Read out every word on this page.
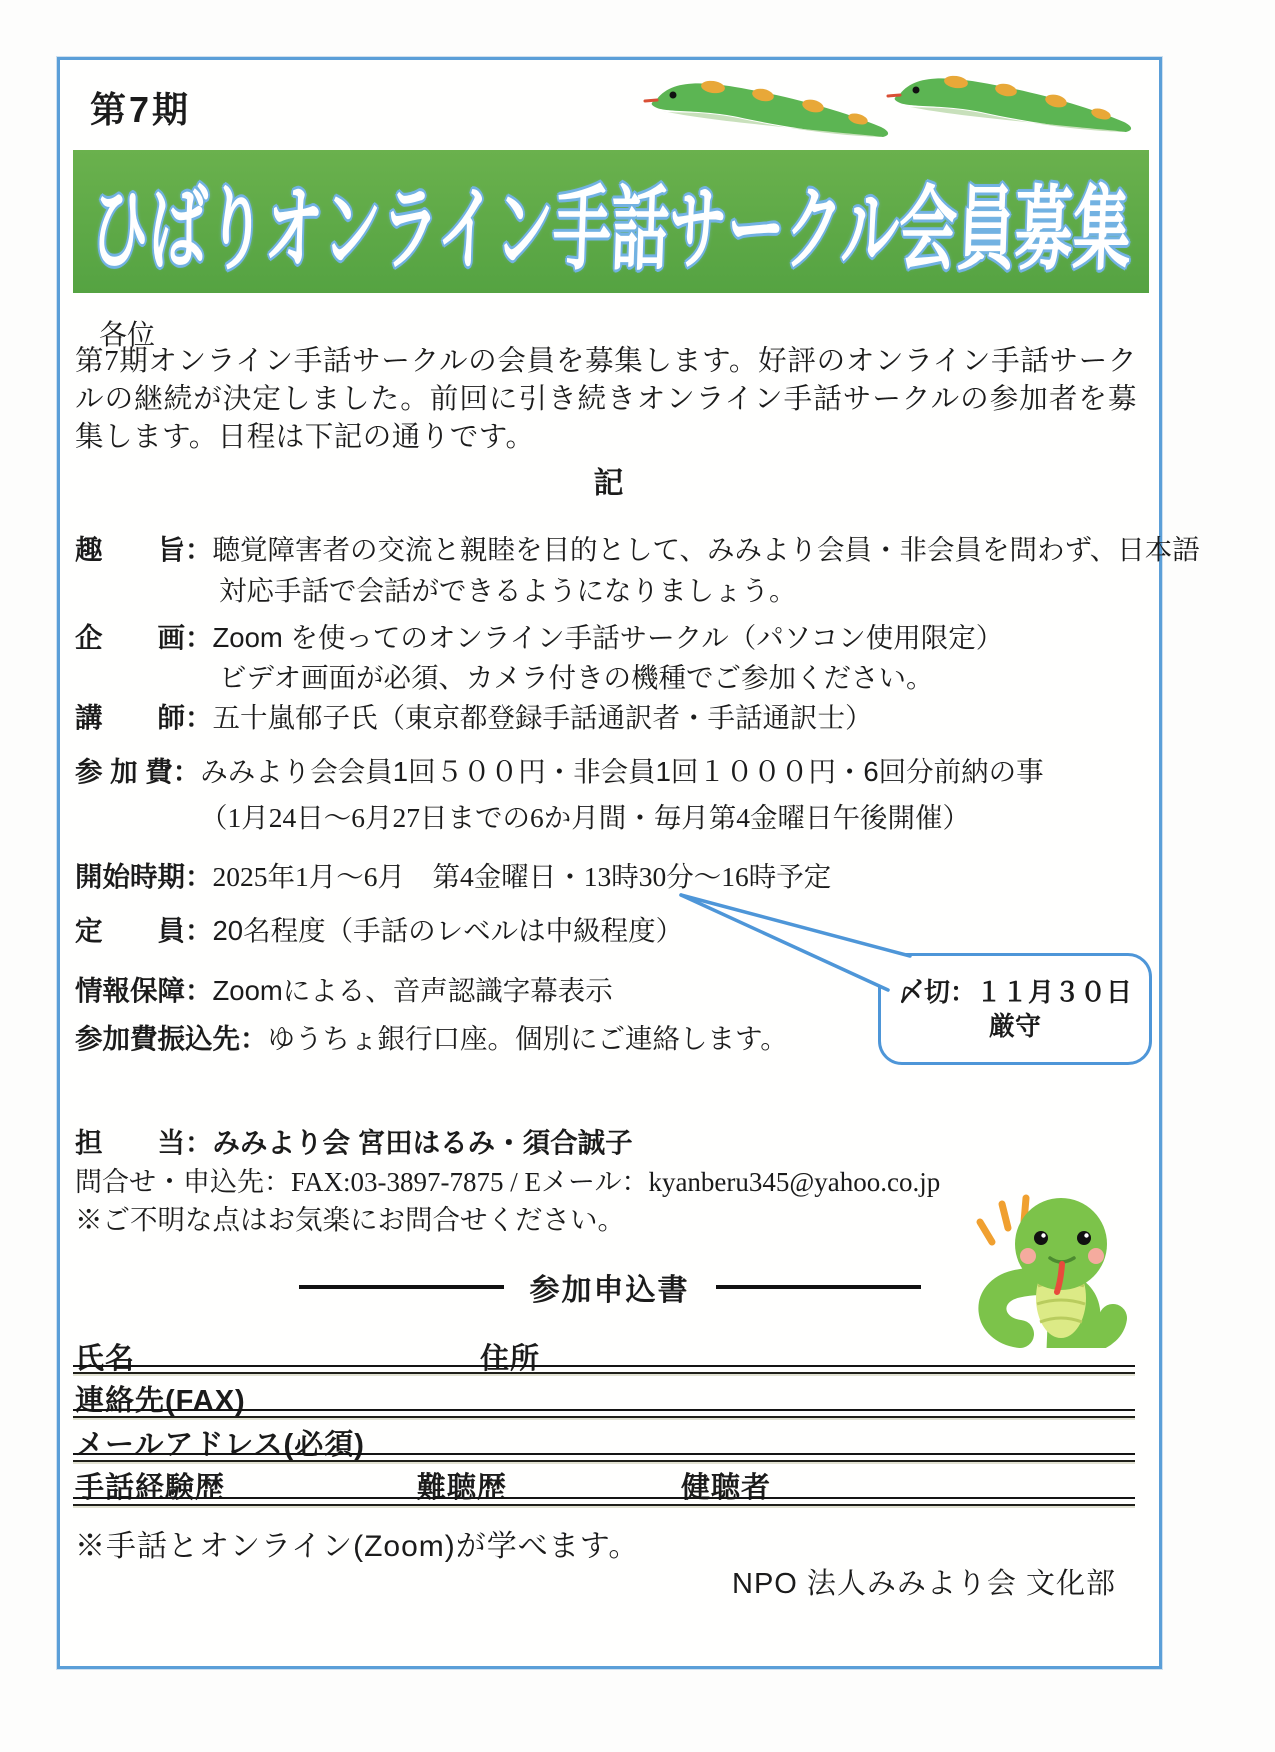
第7期
ひばりオンライン手話サークル会員募集
各位
第7期オンライン手話サークルの会員を募集します。好評のオンライン手話サークルの継続が決定しました。前回に引き続きオンライン手話サークルの参加者を募集します。日程は下記の通りです。
記
趣　　旨：聴覚障害者の交流と親睦を目的として、みみより会員・非会員を問わず、日本語
対応手話で会話ができるようになりましょう。
企　　画：Zoom を使ってのオンライン手話サークル（パソコン使用限定）
ビデオ画面が必須、カメラ付きの機種でご参加ください。
講　　師：五十嵐郁子氏（東京都登録手話通訳者・手話通訳士）
参 加 費：みみより会会員1回５００円・非会員1回１０００円・6回分前納の事
（1月24日～6月27日までの6か月間・毎月第4金曜日午後開催）
開始時期：2025年1月～6月　第4金曜日・13時30分～16時予定
定　　員：20名程度（手話のレベルは中級程度）
情報保障：Zoomによる、音声認識字幕表示
参加費振込先：ゆうちょ銀行口座。個別にご連絡します。
〆切：１１月３０日
厳守
担　　当：みみより会 宮田はるみ・須合誠子
問合せ・申込先：FAX:03-3897-7875 / Eメール：kyanberu345@yahoo.co.jp
※ご不明な点はお気楽にお問合せください。
参加申込書
氏名	住所
連絡先(FAX)
メールアドレス(必須)
手話経験歴	難聴歴	健聴者
※手話とオンライン(Zoom)が学べます。
NPO 法人みみより会 文化部
